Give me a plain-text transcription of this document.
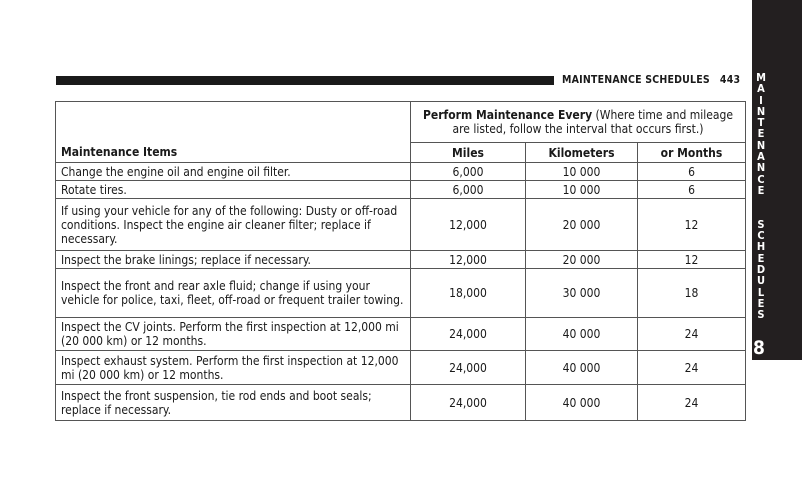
MAINTENANCE SCHEDULES 443 M
A
I
N
T
E
N
A
N
C
E

S
C
H
E
D
U
L
E
S
8
	Perform Maintenance Every (Where time and mileage are listed, follow the interval that occurs first.)		
Maintenance Items	Miles	Kilometers	or Months
Change the engine oil and engine oil filter.	6,000	10 000	6
Rotate tires.	6,000	10 000	6
If using your vehicle for any of the following: Dusty or off-road conditions. Inspect the engine air cleaner filter; replace if necessary.	12,000	20 000	12
Inspect the brake linings; replace if necessary.	12,000	20 000	12
Inspect the front and rear axle fluid; change if using your vehicle for police, taxi, fleet, off-road or frequent trailer towing.	18,000	30 000	18
Inspect the CV joints. Perform the first inspection at 12,000 mi (20 000 km) or 12 months.	24,000	40 000	24
Inspect exhaust system. Perform the first inspection at 12,000 mi (20 000 km) or 12 months.	24,000	40 000	24
Inspect the front suspension, tie rod ends and boot seals; replace if necessary.	24,000	40 000	24
